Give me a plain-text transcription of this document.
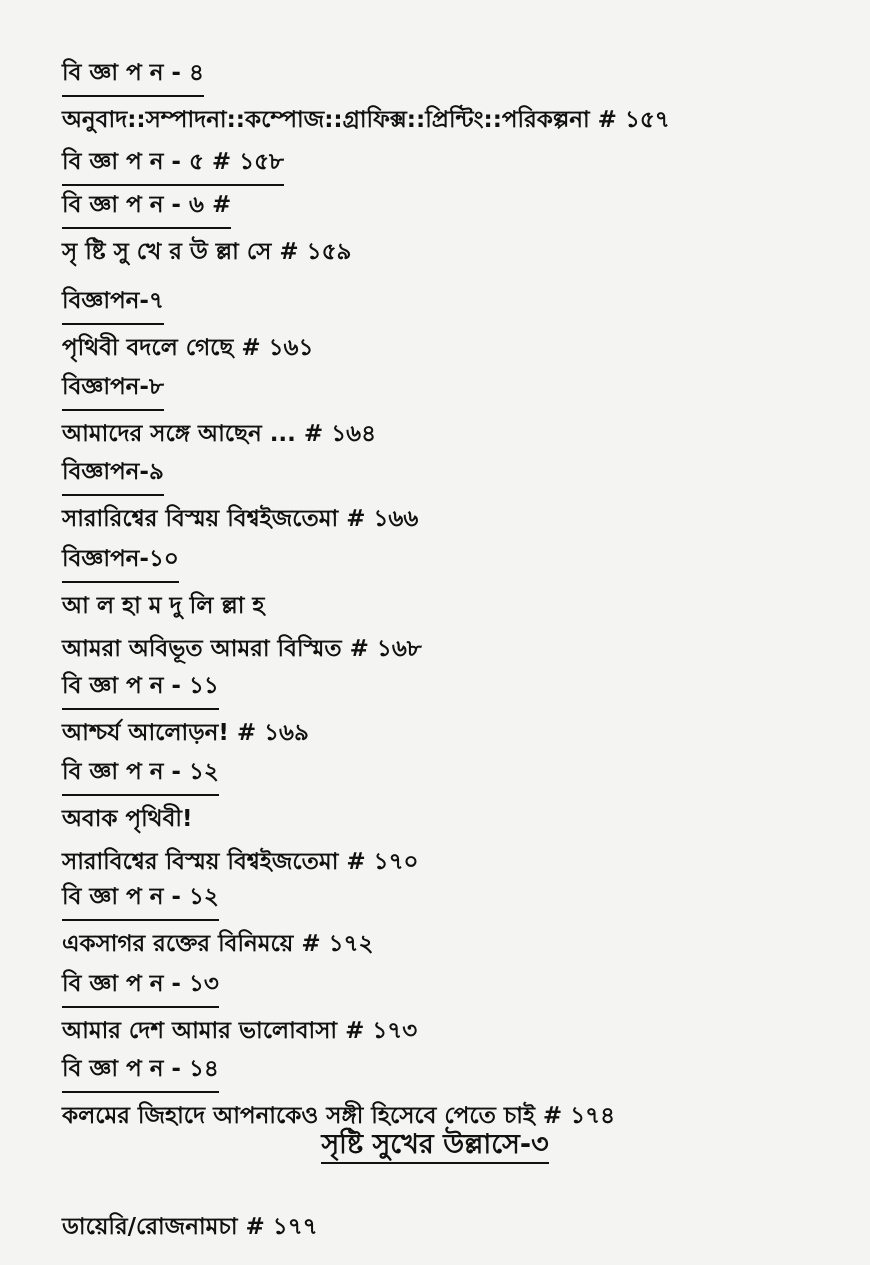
বি জ্ঞা প ন - ৪
অনুবাদ::সম্পাদনা::কম্পোজ::গ্রাফিক্স::প্রিন্টিং::পরিকল্পনা # ১৫৭
বি জ্ঞা প ন - ৫ # ১৫৮
বি জ্ঞা প ন - ৬ #
সৃ ষ্টি সু খে র উ ল্লা সে # ১৫৯
বিজ্ঞাপন-৭
পৃথিবী বদলে গেছে # ১৬১
বিজ্ঞাপন-৮
আমাদের সঙ্গে আছেন ... # ১৬৪
বিজ্ঞাপন-৯
সারারিশ্বের বিস্ময় বিশ্বইজতেমা # ১৬৬
বিজ্ঞাপন-১০
আ ল হা ম দু লি ল্লা হ
আমরা অবিভূত আমরা বিস্মিত # ১৬৮
বি জ্ঞা প ন - ১১
আশ্চর্য আলোড়ন! # ১৬৯
বি জ্ঞা প ন - ১২
অবাক পৃথিবী!
সারাবিশ্বের বিস্ময় বিশ্বইজতেমা # ১৭০
বি জ্ঞা প ন - ১২
একসাগর রক্তের বিনিময়ে # ১৭২
বি জ্ঞা প ন - ১৩
আমার দেশ আমার ভালোবাসা # ১৭৩
বি জ্ঞা প ন - ১৪
কলমের জিহাদে আপনাকেও সঙ্গী হিসেবে পেতে চাই # ১৭৪
সৃষ্টি সুখের উল্লাসে-৩
ডায়েরি/রোজনামচা # ১৭৭
